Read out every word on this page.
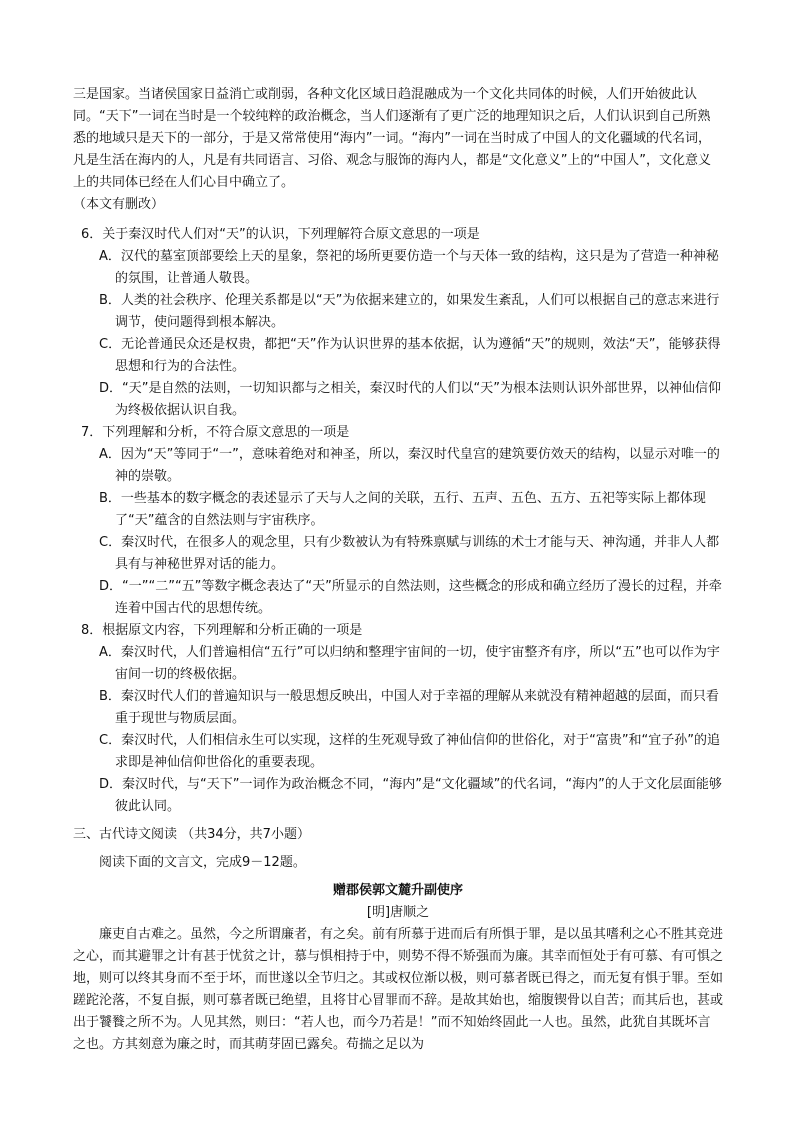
三是国家。当诸侯国家日益消亡或削弱，各种文化区域日趋混融成为一个文化共同体的时候，人们开始彼此认同。“天下”一词在当时是一个较纯粹的政治概念，当人们逐渐有了更广泛的地理知识之后，人们认识到自己所熟悉的地域只是天下的一部分，于是又常常使用“海内”一词。“海内”一词在当时成了中国人的文化疆域的代名词，凡是生活在海内的人，凡是有共同语言、习俗、观念与服饰的海内人，都是“文化意义”上的“中国人”，文化意义上的共同体已经在人们心目中确立了。

（本文有删改）

6．关于秦汉时代人们对“天”的认识，下列理解符合原文意思的一项是

A．汉代的墓室顶部要绘上天的星象，祭祀的场所更要仿造一个与天体一致的结构，这只是为了营造一种神秘的氛围，让普通人敬畏。

B．人类的社会秩序、伦理关系都是以“天”为依据来建立的，如果发生紊乱，人们可以根据自己的意志来进行调节，使问题得到根本解决。

C．无论普通民众还是权贵，都把“天”作为认识世界的基本依据，认为遵循“天”的规则，效法“天”，能够获得思想和行为的合法性。

D．“天”是自然的法则，一切知识都与之相关，秦汉时代的人们以“天”为根本法则认识外部世界，以神仙信仰为终极依据认识自我。

7．下列理解和分析，不符合原文意思的一项是

A．因为“天”等同于“一”，意味着绝对和神圣，所以，秦汉时代皇宫的建筑要仿效天的结构，以显示对唯一的神的崇敬。

B．一些基本的数字概念的表述显示了天与人之间的关联，五行、五声、五色、五方、五祀等实际上都体现了“天”蕴含的自然法则与宇宙秩序。

C．秦汉时代，在很多人的观念里，只有少数被认为有特殊禀赋与训练的术士才能与天、神沟通，并非人人都具有与神秘世界对话的能力。

D．“一”“二”“五”等数字概念表达了“天”所显示的自然法则，这些概念的形成和确立经历了漫长的过程，并牵连着中国古代的思想传统。

8．根据原文内容，下列理解和分析正确的一项是

A．秦汉时代，人们普遍相信“五行”可以归纳和整理宇宙间的一切，使宇宙整齐有序，所以“五”也可以作为宇宙间一切的终极依据。

B．秦汉时代人们的普遍知识与一般思想反映出，中国人对于幸福的理解从来就没有精神超越的层面，而只看重于现世与物质层面。

C．秦汉时代，人们相信永生可以实现，这样的生死观导致了神仙信仰的世俗化，对于“富贵”和“宜子孙”的追求即是神仙信仰世俗化的重要表现。

D．秦汉时代，与“天下”一词作为政治概念不同，“海内”是“文化疆域”的代名词，“海内”的人于文化层面能够彼此认同。

三、古代诗文阅读 （共34分，共7小题）

阅读下面的文言文，完成9－12题。

赠郡侯郭文麓升副使序

[明]唐顺之

廉吏自古难之。虽然，今之所谓廉者，有之矣。前有所慕于进而后有所惧于罪，是以虽其嗜利之心不胜其竞进之心，而其避罪之计有甚于忧贫之计，慕与惧相持于中，则势不得不矫强而为廉。其幸而恒处于有可慕、有可惧之地，则可以终其身而不至于坏，而世遂以全节归之。其或权位渐以极，则可慕者既已得之，而无复有惧于罪。至如蹉跎沦落，不复自振，则可慕者既已绝望，且将甘心冒罪而不辞。是故其始也，缩腹锲骨以自苦；而其后也，甚或出于饕餮之所不为。人见其然，则曰：“若人也，而今乃若是！”而不知始终固此一人也。虽然，此犹自其既坏言之也。方其刻意为廉之时，而其萌芽固已露矣。苟揣之足以为
